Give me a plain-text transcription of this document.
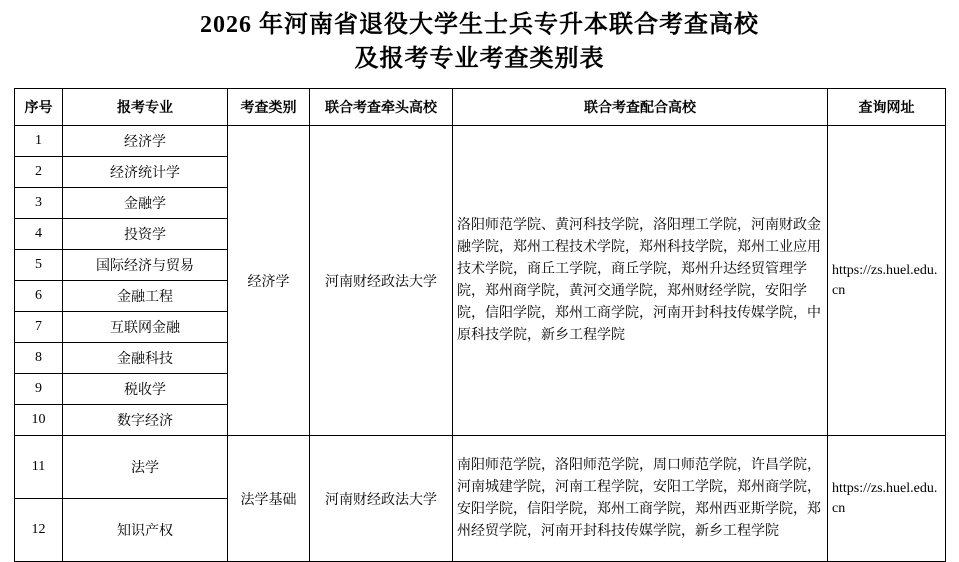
2026 年河南省退役大学生士兵专升本联合考查高校
及报考专业考查类别表
序号	报考专业	考查类别	联合考查牵头高校	联合考查配合高校	查询网址
1	经济学	经济学	河南财经政法大学	洛阳师范学院、黄河科技学院，洛阳理工学院，河南财政金融学院，郑州工程技术学院，郑州科技学院，郑州工业应用技术学院，商丘工学院，商丘学院，郑州升达经贸管理学院，郑州商学院，黄河交通学院，郑州财经学院，安阳学院，信阳学院，郑州工商学院，河南开封科技传媒学院，中原科技学院，新乡工程学院	https://zs.huel.edu.cn
2	经济统计学				
3	金融学				
4	投资学				
5	国际经济与贸易				
6	金融工程				
7	互联网金融				
8	金融科技				
9	税收学				
10	数字经济				
11	法学	法学基础	河南财经政法大学	南阳师范学院，洛阳师范学院，周口师范学院，许昌学院，河南城建学院，河南工程学院，安阳工学院，郑州商学院，安阳学院，信阳学院，郑州工商学院，郑州西亚斯学院，郑州经贸学院，河南开封科技传媒学院，新乡工程学院	https://zs.huel.edu.cn
12	知识产权				
